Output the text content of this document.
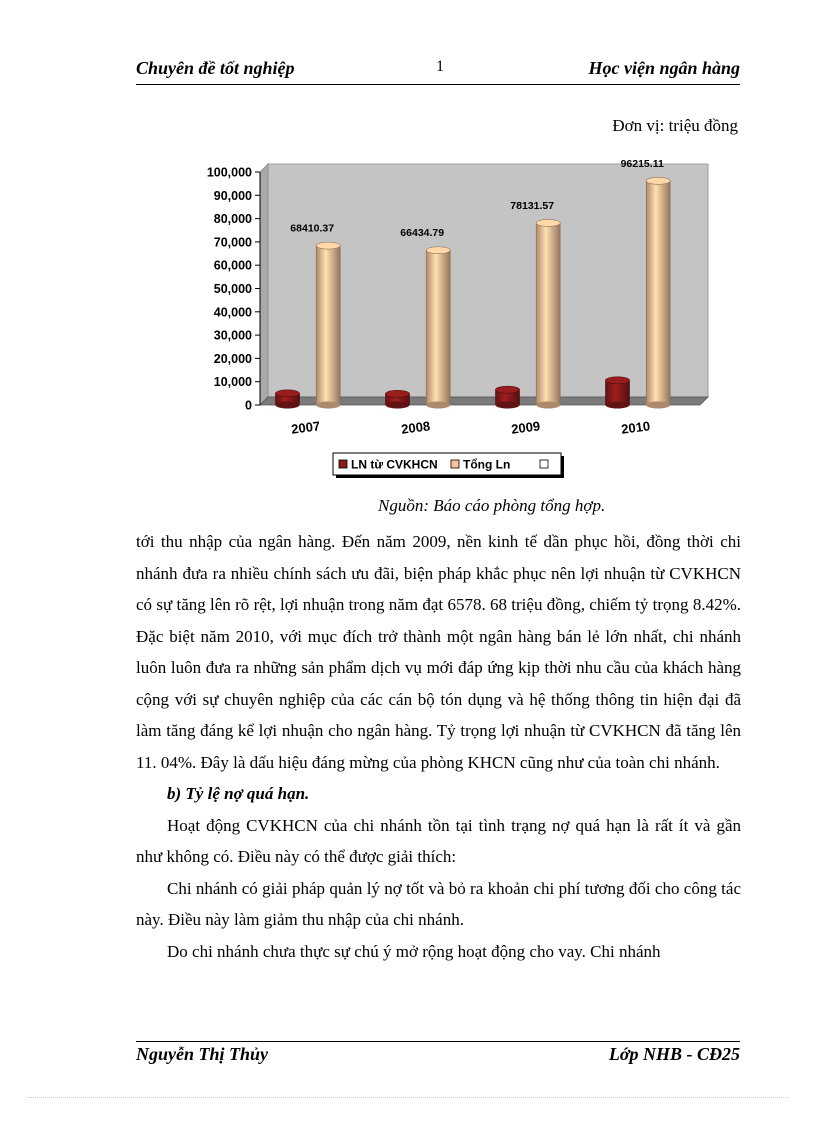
Chuyên đề tốt nghiệp	1	Học viện ngân hàng
Đơn vị: triệu đồng
0
10,000
20,000
30,000
40,000
50,000
60,000
70,000
80,000
90,000
100,000
68410.37
2007
66434.79
2008
78131.57
2009
96215.11
2010
LN từ CVKHCN Tổng Ln
Nguồn: Báo cáo phòng tổng hợp.

tới thu nhập của ngân hàng. Đến năm 2009, nền kinh tế dần phục hồi, đồng thời chi nhánh đưa ra nhiều chính sách ưu đãi, biện pháp khắc phục nên lợi nhuận từ CVKHCN có sự tăng lên rõ rệt, lợi nhuận trong năm đạt 6578. 68 triệu đồng, chiếm tỷ trọng 8.42%. Đặc biệt năm 2010, với mục đích trở thành một ngân hàng bán lẻ lớn nhất, chi nhánh luôn luôn đưa ra những sản phẩm dịch vụ mới đáp ứng kịp thời nhu cầu của khách hàng cộng với sự chuyên nghiệp của các cán bộ tón dụng và hệ thống thông tin hiện đại đã làm tăng đáng kể lợi nhuận cho ngân hàng. Tỷ trọng lợi nhuận từ CVKHCN đã tăng lên 11. 04%. Đây là dấu hiệu đáng mừng của phòng KHCN cũng như của toàn chi nhánh.

b) Tỷ lệ nợ quá hạn.

Hoạt động CVKHCN của chi nhánh tồn tại tình trạng nợ quá hạn là rất ít và gần như không có. Điều này có thể được giải thích:

Chi nhánh có giải pháp quản lý nợ tốt và bỏ ra khoản chi phí tương đối cho công tác này. Điều này làm giảm thu nhập của chi nhánh.

Do chi nhánh chưa thực sự chú ý mở rộng hoạt động cho vay. Chi nhánh

Nguyễn Thị Thủy	Lớp NHB - CĐ25
